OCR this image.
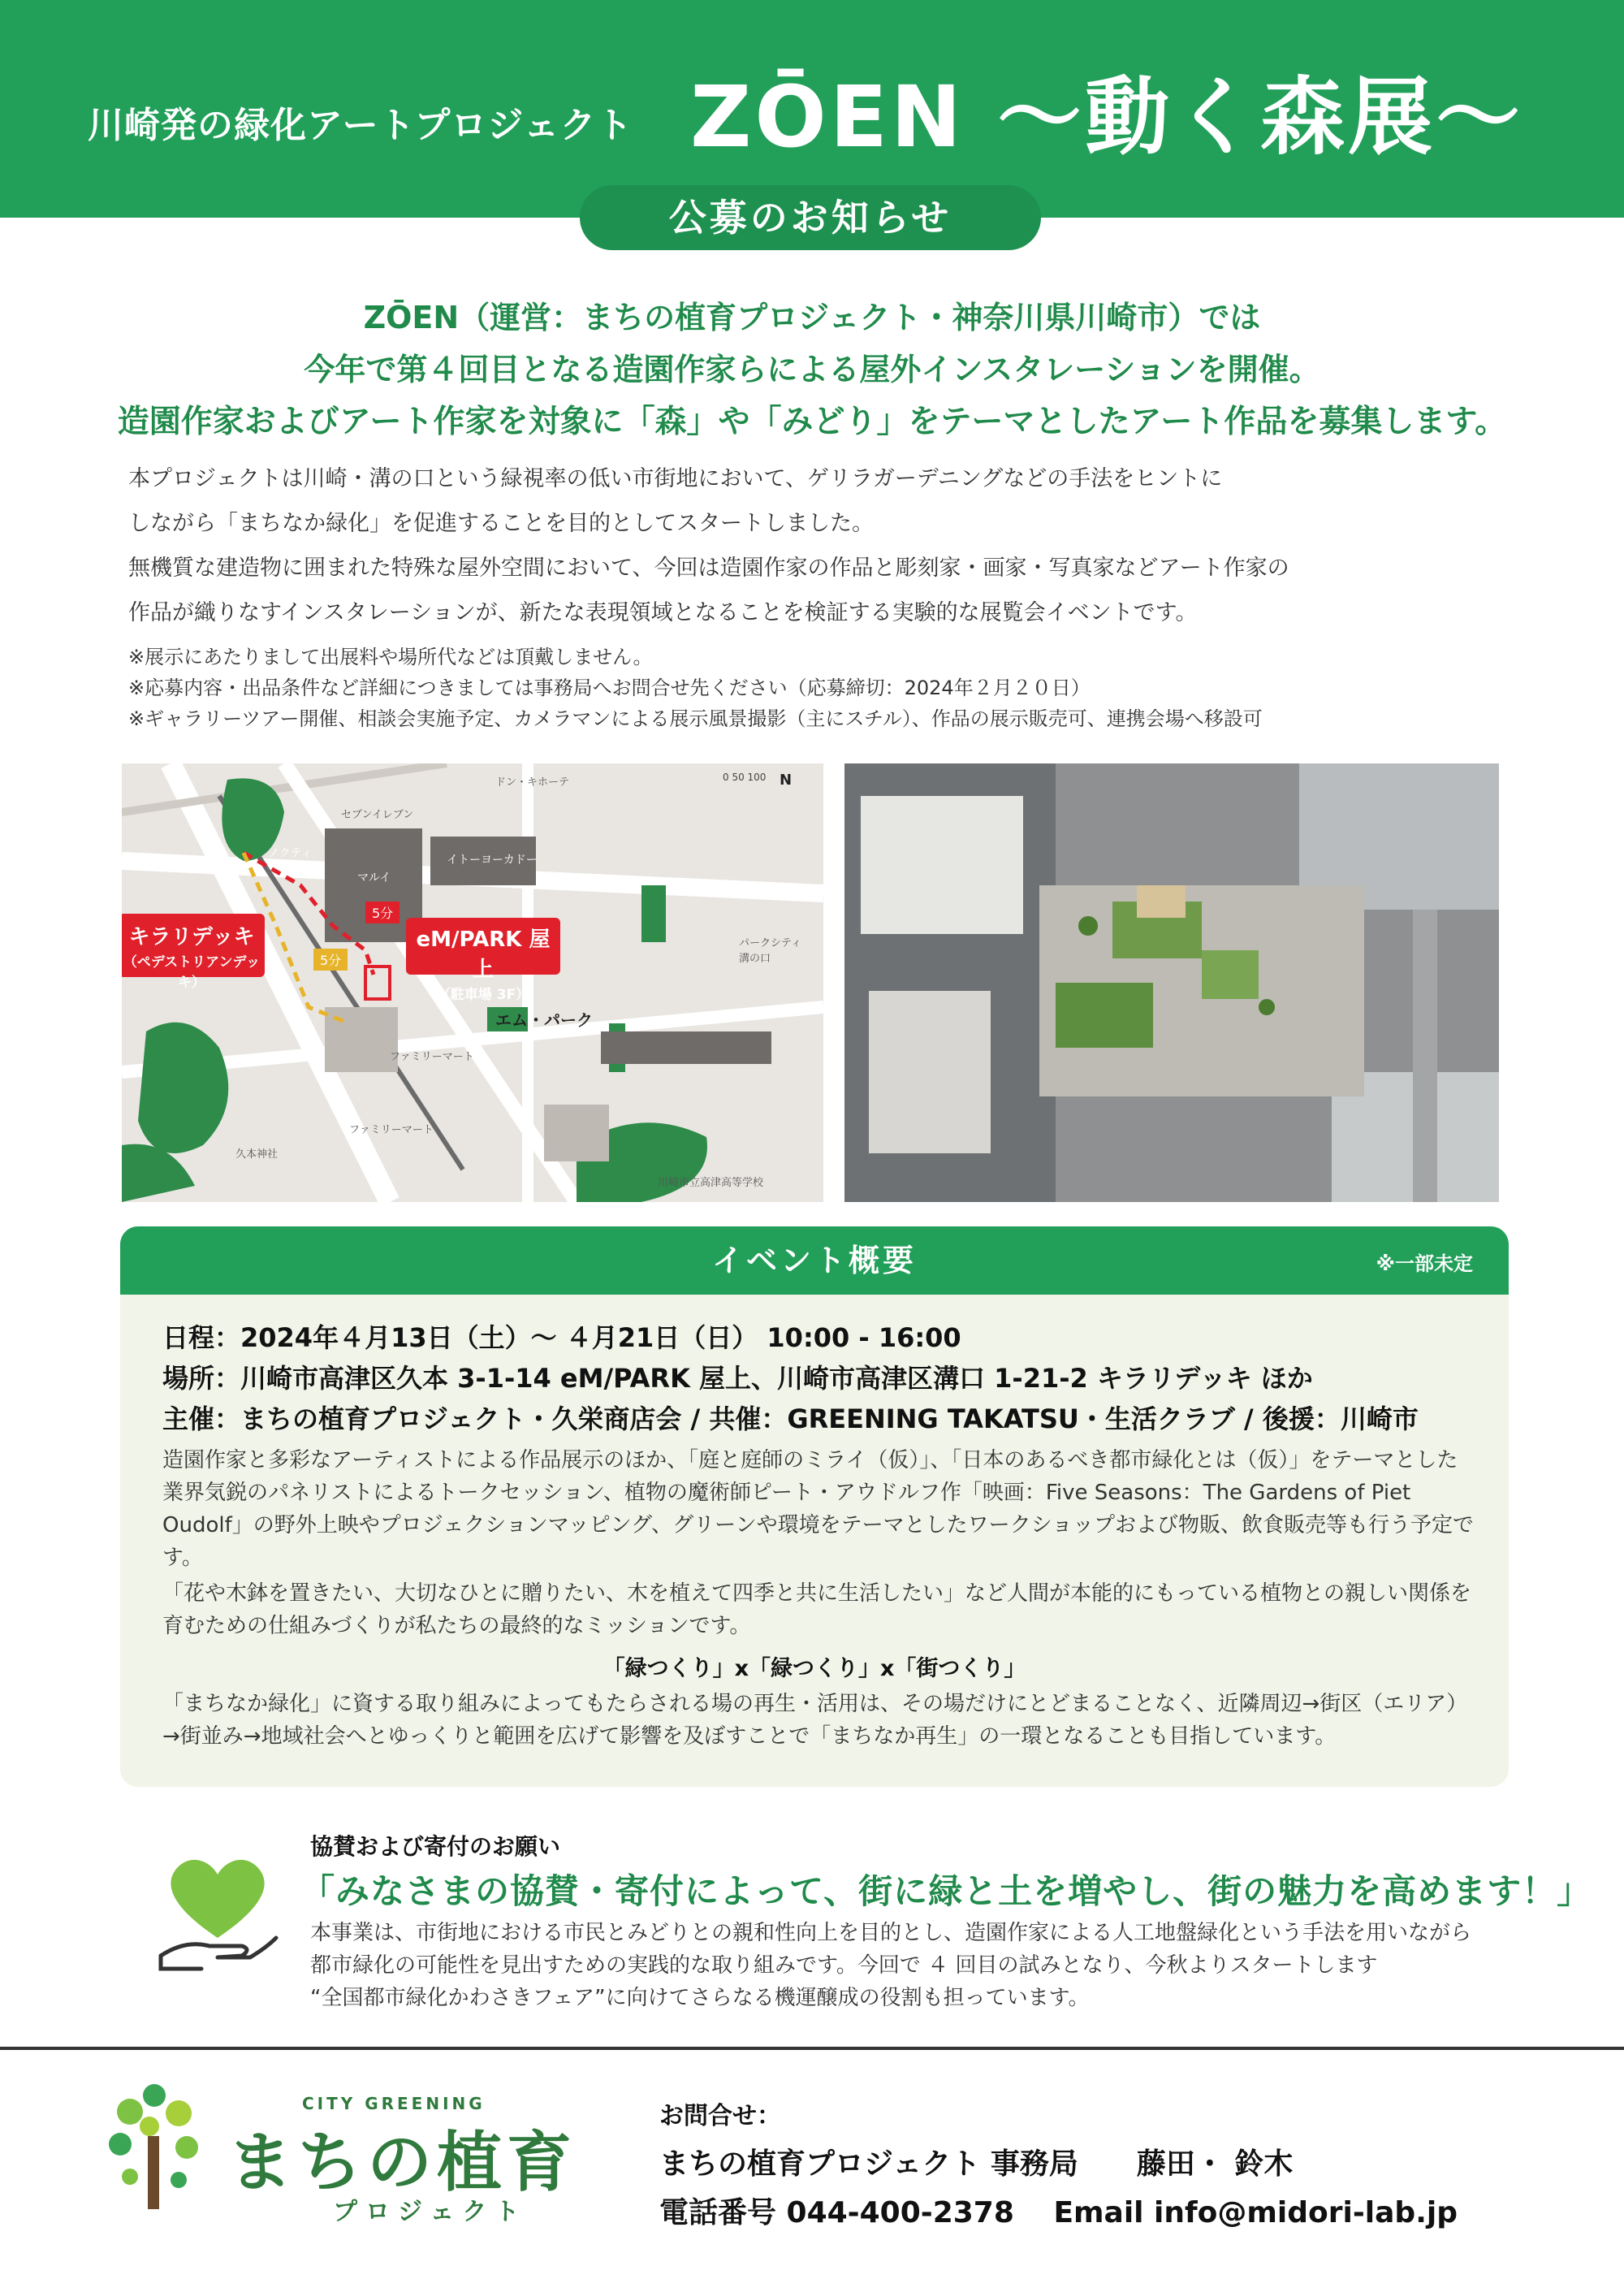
川崎発の緑化アートプロジェクト ZŌEN ～動く森展～
公募のお知らせ
ZŌEN（運営：まちの植育プロジェクト・神奈川県川崎市）では
今年で第４回目となる造園作家らによる屋外インスタレーションを開催。
造園作家およびアート作家を対象に「森」や「みどり」をテーマとしたアート作品を募集します。
本プロジェクトは川崎・溝の口という緑視率の低い市街地において、ゲリラガーデニングなどの手法をヒントに
しながら「まちなか緑化」を促進することを目的としてスタートしました。
無機質な建造物に囲まれた特殊な屋外空間において、今回は造園作家の作品と彫刻家・画家・写真家などアート作家の
作品が織りなすインスタレーションが、新たな表現領域となることを検証する実験的な展覧会イベントです。
※展示にあたりまして出展料や場所代などは頂戴しません。
※応募内容・出品条件など詳細につきましては事務局へお問合せ先ください（応募締切：2024年２月２０日）
※ギャラリーツアー開催、相談会実施予定、カメラマンによる展示風景撮影（主にスチル）、作品の展示販売可、連携会場へ移設可
キラリデッキ
（ペデストリアンデッキ）
eM/PARK 屋上
（駐車場 3F）
5分
5分
エム・パーク
マルイ
イトーヨーカドー
セブンイレブン
ドン・キホーテ
ファミリーマート
ファミリーマート
パークシティ溝の口
川崎市立高津高等学校
久本神社
ノクティ
0 50 100 N
イベント概要	※一部未定
日程：2024年４月13日（土）～ ４月21日（日） 10:00 - 16:00
場所：川崎市高津区久本 3-1-14 eM/PARK 屋上、川崎市高津区溝口 1-21-2 キラリデッキ ほか
主催：まちの植育プロジェクト・久栄商店会 / 共催：GREENING TAKATSU・生活クラブ / 後援：川崎市
造園作家と多彩なアーティストによる作品展示のほか、「庭と庭師のミライ（仮）」、「日本のあるべき都市緑化とは（仮）」をテーマとした業界気鋭のパネリストによるトークセッション、植物の魔術師ピート・アウドルフ作「映画：Five Seasons：The Gardens of Piet Oudolf」の野外上映やプロジェクションマッピング、グリーンや環境をテーマとしたワークショップおよび物販、飲食販売等も行う予定です。
「花や木鉢を置きたい、大切なひとに贈りたい、木を植えて四季と共に生活したい」など人間が本能的にもっている植物との親しい関係を育むための仕組みづくりが私たちの最終的なミッションです。
「緑つくり」x「緑つくり」x「街つくり」
「まちなか緑化」に資する取り組みによってもたらされる場の再生・活用は、その場だけにとどまることなく、近隣周辺→街区（エリア）→街並み→地域社会へとゆっくりと範囲を広げて影響を及ぼすことで「まちなか再生」の一環となることも目指しています。
協賛および寄付のお願い
「みなさまの協賛・寄付によって、街に緑と土を増やし、街の魅力を高めます！」
本事業は、市街地における市民とみどりとの親和性向上を目的とし、造園作家による人工地盤緑化という手法を用いながら
都市緑化の可能性を見出すための実践的な取り組みです。今回で ４ 回目の試みとなり、今秋よりスタートします
“全国都市緑化かわさきフェア”に向けてさらなる機運醸成の役割も担っています。
CITY GREENING
まちの植育
プロジェクト
お問合せ：
まちの植育プロジェクト 事務局　　藤田・ 鈴木
電話番号 044-400-2378　 Email info@midori-lab.jp
